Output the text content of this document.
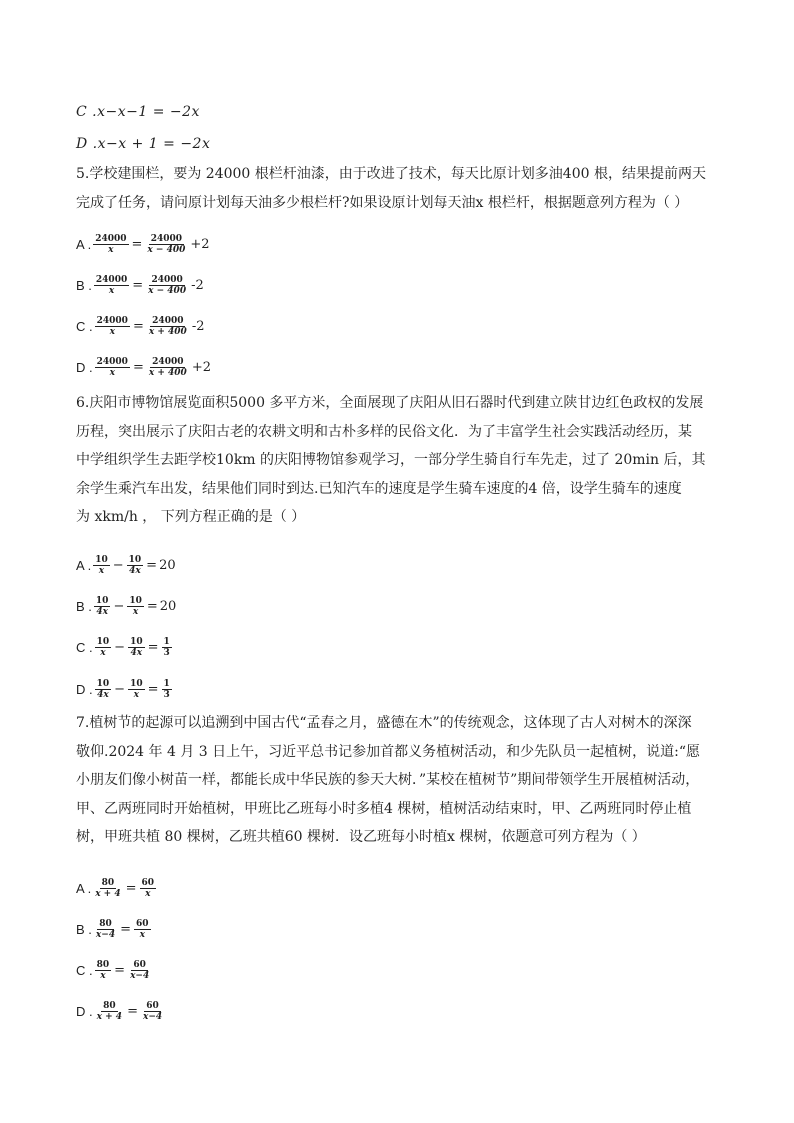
C .x−x−1 = −2x
D .x−x + 1 = −2x
5.学校建围栏，要为 24000 根栏杆油漆，由于改进了技术，每天比原计划多油400 根，结果提前两天
完成了任务，请问原计划每天油多少根栏杆?如果设原计划每天油x 根栏杆，根据题意列方程为（ ）
A . $\frac{24000}{x} = \frac{24000}{x - 400} +2$
B . $\frac{24000}{x} = \frac{24000}{x - 400} -2$
C . $\frac{24000}{x} = \frac{24000}{x + 400} -2$
D . $\frac{24000}{x} = \frac{24000}{x + 400} +2$
6.庆阳市博物馆展览面积5000 多平方米，全面展现了庆阳从旧石器时代到建立陕甘边红色政权的发展
历程，突出展示了庆阳古老的农耕文明和古朴多样的民俗文化．为了丰富学生社会实践活动经历，某
中学组织学生去距学校10km 的庆阳博物馆参观学习，一部分学生骑自行车先走，过了 20min 后，其
余学生乘汽车出发，结果他们同时到达.已知汽车的速度是学生骑车速度的4 倍，设学生骑车的速度
为 xkm/h ， 下列方程正确的是（ ）
A . $\frac{10}{x} - \frac{10}{4x} = 20$
B . $\frac{10}{4x} - \frac{10}{x} = 20$
C . $\frac{10}{x} - \frac{10}{4x} = \frac{1}{3}$
D . $\frac{10}{4x} - \frac{10}{x} = \frac{1}{3}$
7.植树节的起源可以追溯到中国古代“孟春之月，盛德在木”的传统观念，这体现了古人对树木的深深
敬仰.2024 年 4 月 3 日上午，习近平总书记参加首都义务植树活动，和少先队员一起植树，说道:“愿
小朋友们像小树苗一样，都能长成中华民族的参天大树．”某校在植树节”期间带领学生开展植树活动，
甲、乙两班同时开始植树，甲班比乙班每小时多植4 棵树，植树活动结束时，甲、乙两班同时停止植
树，甲班共植 80 棵树，乙班共植60 棵树．设乙班每小时植x 棵树，依题意可列方程为（ ）
A . $\frac{80}{x + 4} = \frac{60}{x}$
B . $\frac{80}{x-4} = \frac{60}{x}$
C . $\frac{80}{x} = \frac{60}{x-4}$
D . $\frac{80}{x + 4} = \frac{60}{x-4}$
